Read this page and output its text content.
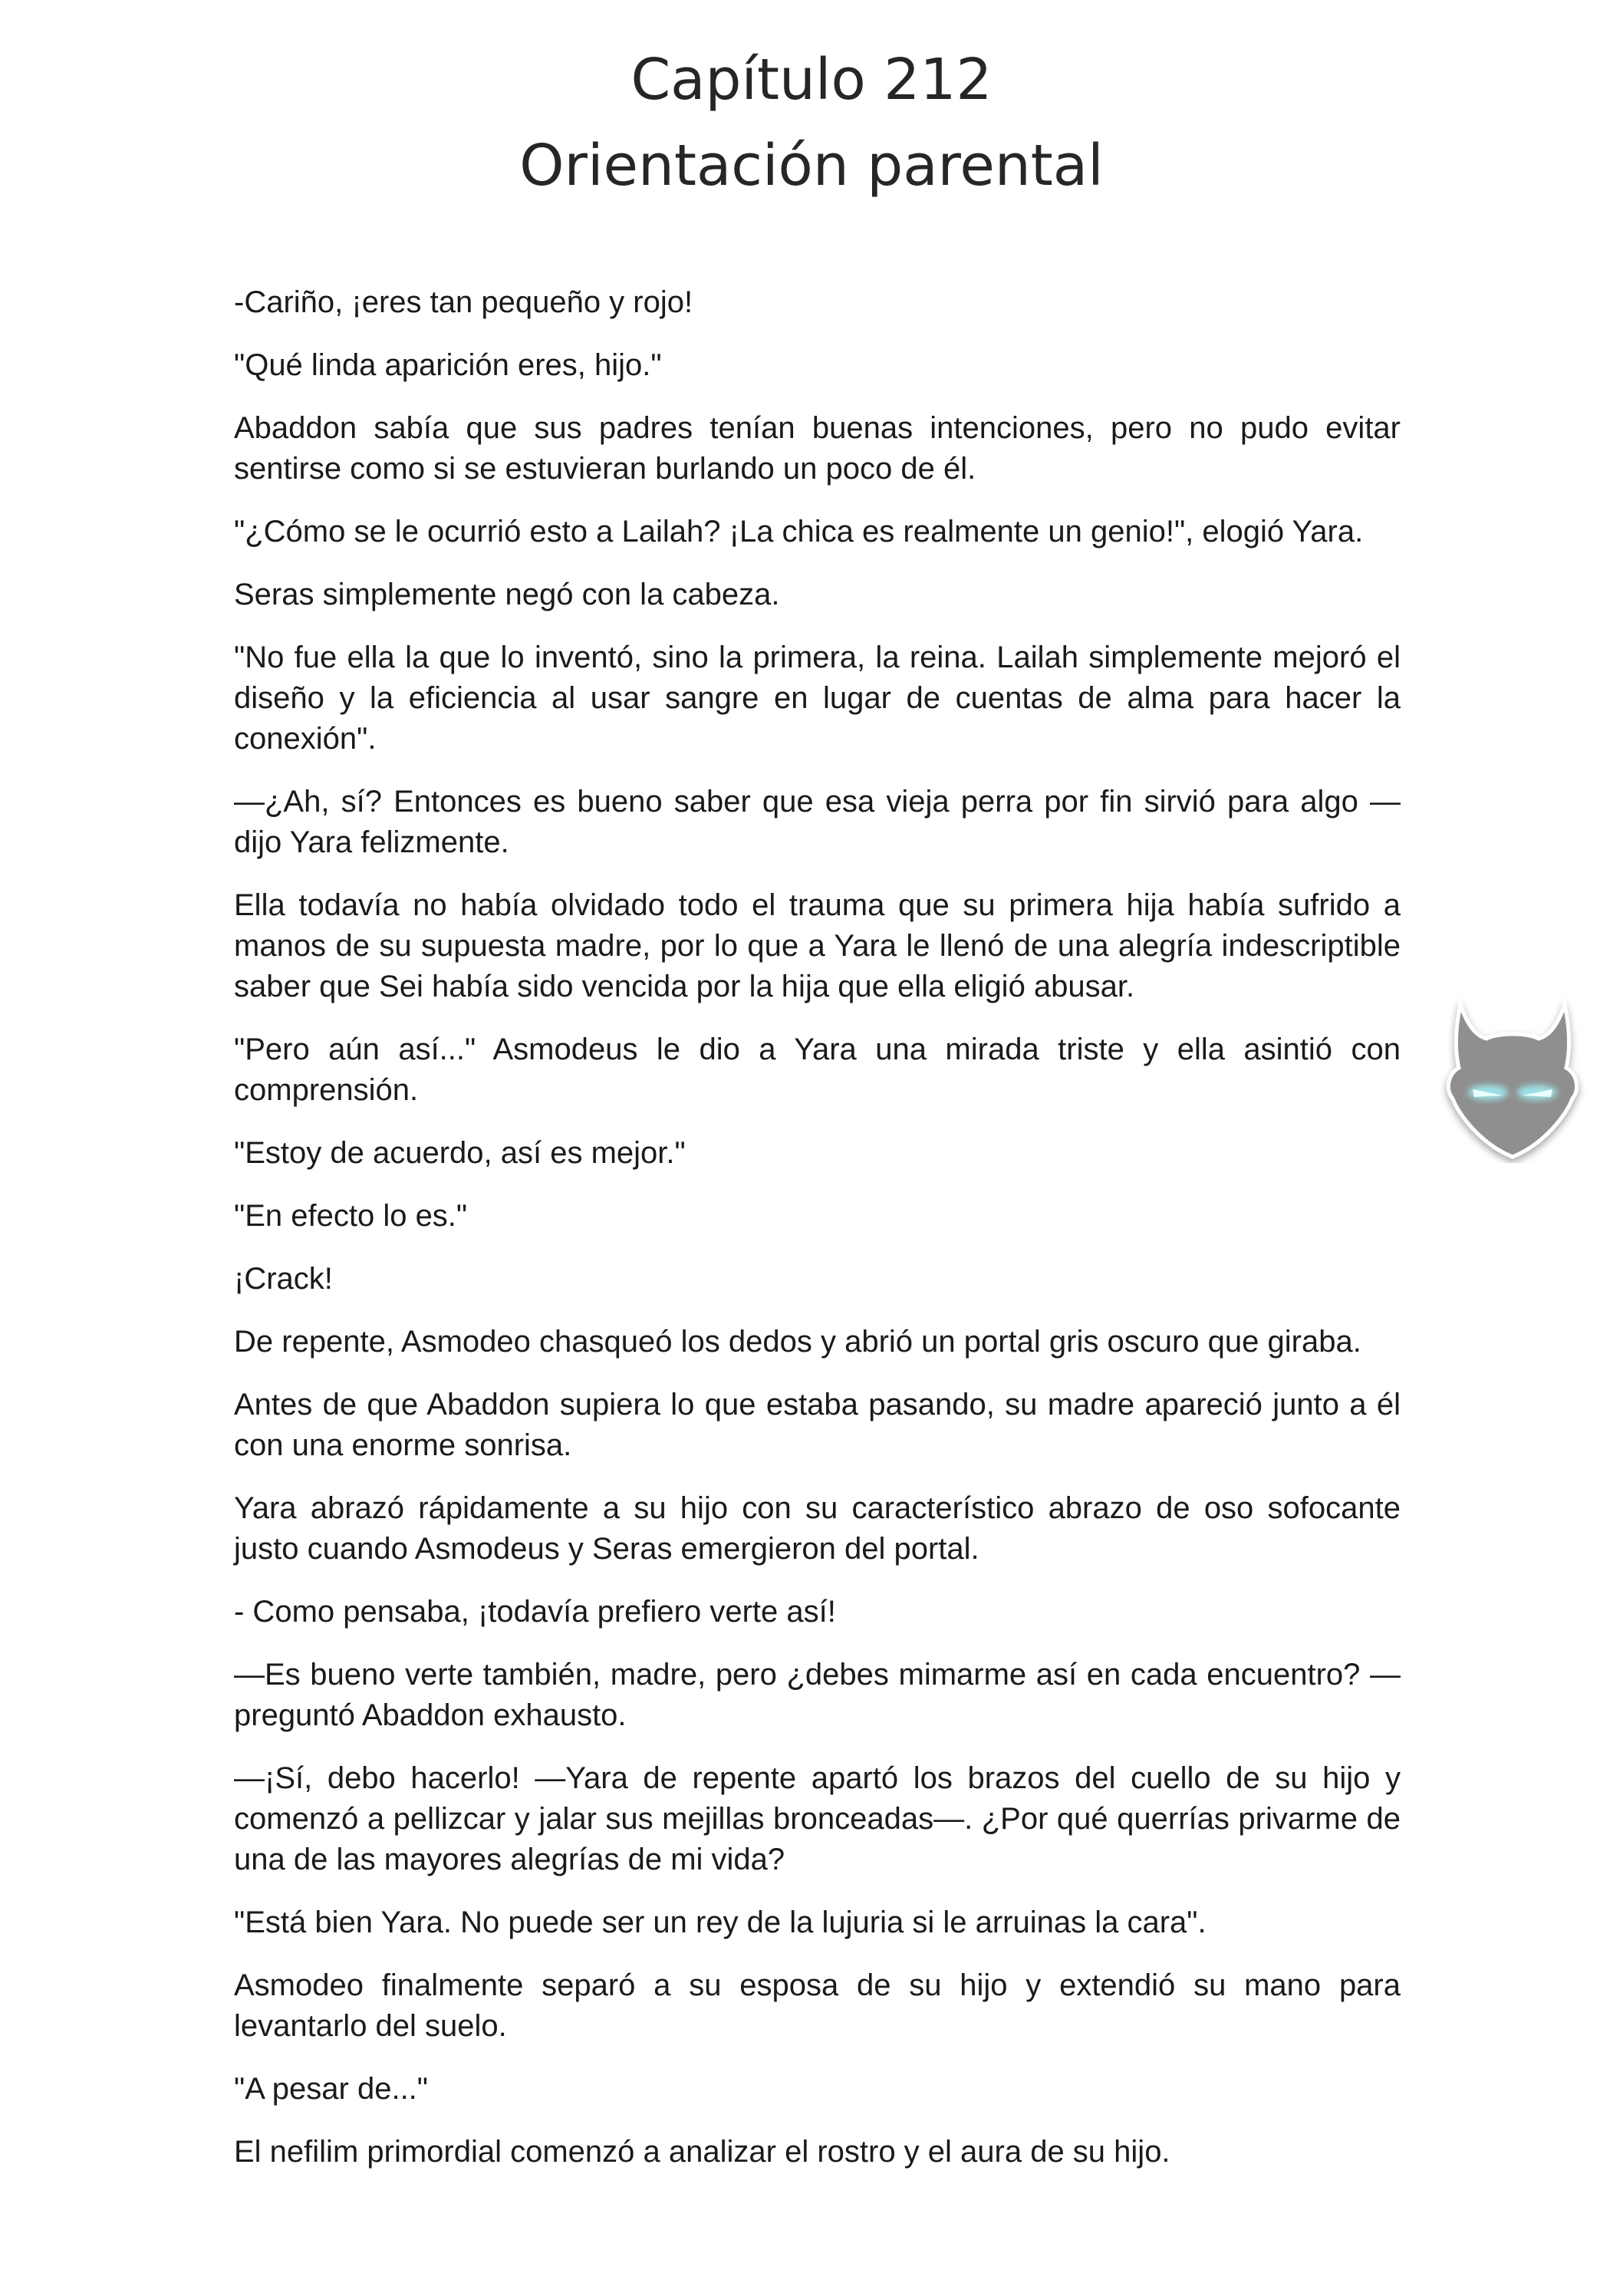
Capítulo 212
Orientación parental

-Cariño, ¡eres tan pequeño y rojo!

"Qué linda aparición eres, hijo."

Abaddon sabía que sus padres tenían buenas intenciones, pero no pudo evitar sentirse como si se estuvieran burlando un poco de él.

"¿Cómo se le ocurrió esto a Lailah? ¡La chica es realmente un genio!", elogió Yara.

Seras simplemente negó con la cabeza.

"No fue ella la que lo inventó, sino la primera, la reina. Lailah simplemente mejoró el diseño y la eficiencia al usar sangre en lugar de cuentas de alma para hacer la conexión".

—¿Ah, sí? Entonces es bueno saber que esa vieja perra por fin sirvió para algo —dijo Yara felizmente.

Ella todavía no había olvidado todo el trauma que su primera hija había sufrido a manos de su supuesta madre, por lo que a Yara le llenó de una alegría indescriptible saber que Sei había sido vencida por la hija que ella eligió abusar.

"Pero aún así..." Asmodeus le dio a Yara una mirada triste y ella asintió con comprensión.

"Estoy de acuerdo, así es mejor."

"En efecto lo es."

¡Crack!

De repente, Asmodeo chasqueó los dedos y abrió un portal gris oscuro que giraba.

Antes de que Abaddon supiera lo que estaba pasando, su madre apareció junto a él con una enorme sonrisa.

Yara abrazó rápidamente a su hijo con su característico abrazo de oso sofocante justo cuando Asmodeus y Seras emergieron del portal.

- Como pensaba, ¡todavía prefiero verte así!

—Es bueno verte también, madre, pero ¿debes mimarme así en cada encuentro? — preguntó Abaddon exhausto.

—¡Sí, debo hacerlo! —Yara de repente apartó los brazos del cuello de su hijo y comenzó a pellizcar y jalar sus mejillas bronceadas—. ¿Por qué querrías privarme de una de las mayores alegrías de mi vida?

"Está bien Yara. No puede ser un rey de la lujuria si le arruinas la cara".

Asmodeo finalmente separó a su esposa de su hijo y extendió su mano para levantarlo del suelo.

"A pesar de..."

El nefilim primordial comenzó a analizar el rostro y el aura de su hijo.
